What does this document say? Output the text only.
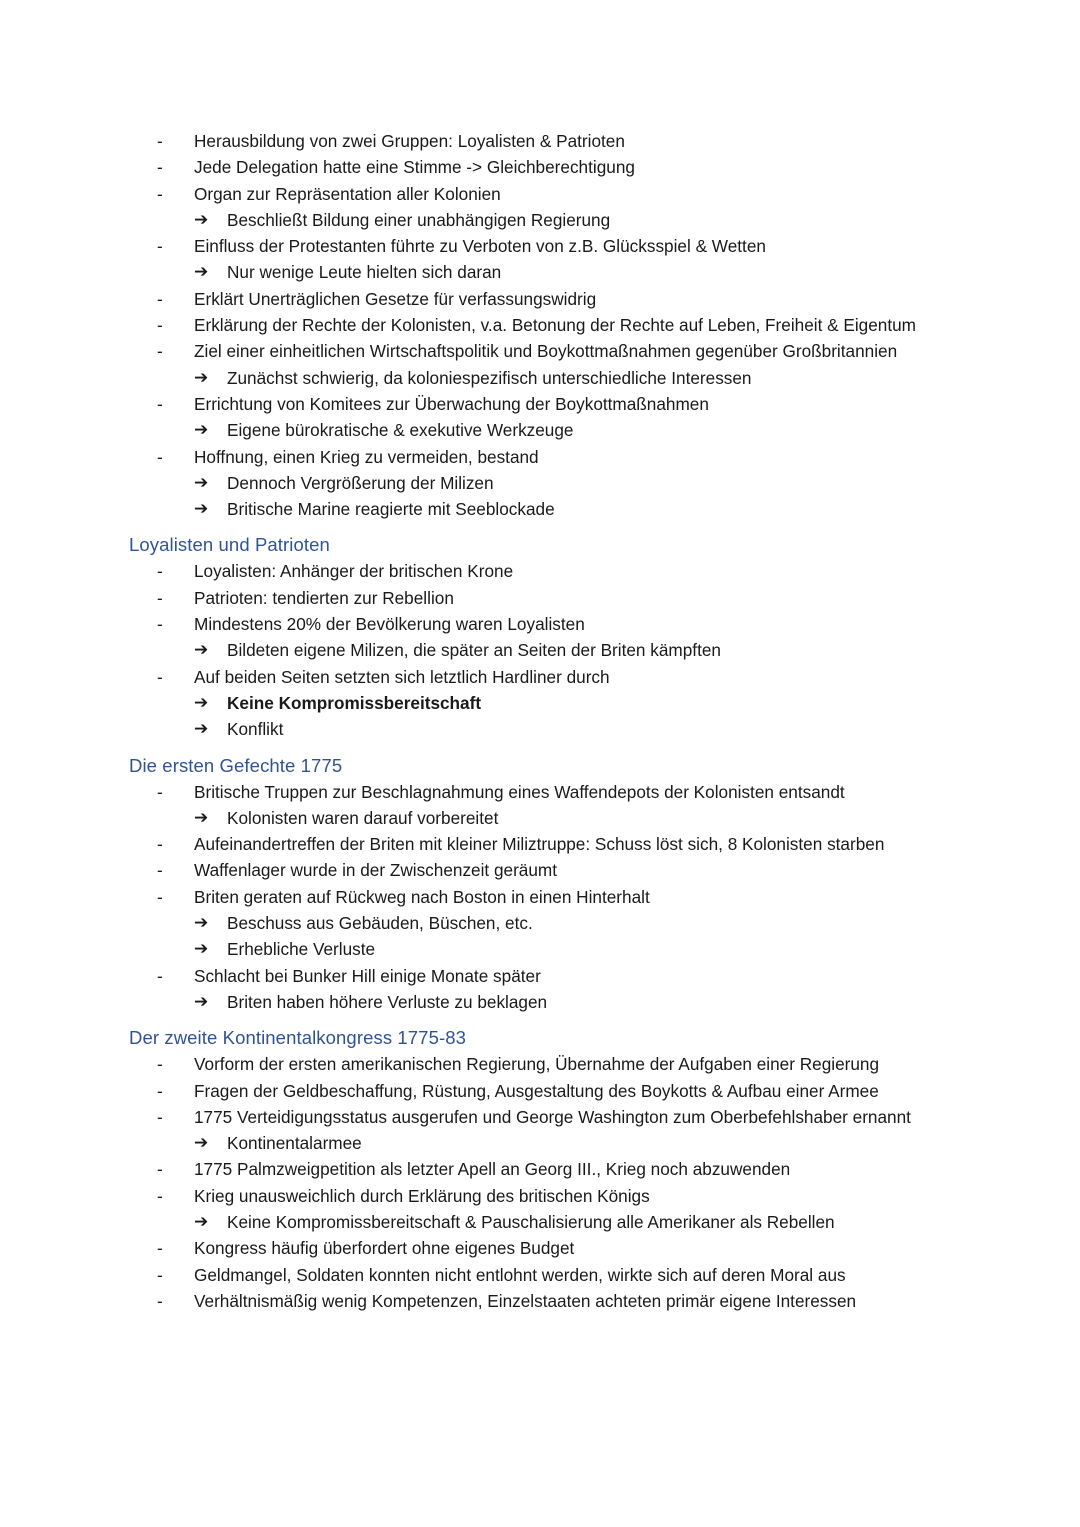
-	Herausbildung von zwei Gruppen: Loyalisten & Patrioten
-	Jede Delegation hatte eine Stimme -> Gleichberechtigung
-	Organ zur Repräsentation aller Kolonien
➔ Beschließt Bildung einer unabhängigen Regierung
-	Einfluss der Protestanten führte zu Verboten von z.B. Glücksspiel & Wetten
➔ Nur wenige Leute hielten sich daran
-	Erklärt Unerträglichen Gesetze für verfassungswidrig
-	Erklärung der Rechte der Kolonisten, v.a. Betonung der Rechte auf Leben, Freiheit & Eigentum
-	Ziel einer einheitlichen Wirtschaftspolitik und Boykottmaßnahmen gegenüber Großbritannien
➔ Zunächst schwierig, da koloniespezifisch unterschiedliche Interessen
-	Errichtung von Komitees zur Überwachung der Boykottmaßnahmen
➔ Eigene bürokratische & exekutive Werkzeuge
-	Hoffnung, einen Krieg zu vermeiden, bestand
➔ Dennoch Vergrößerung der Milizen
➔ Britische Marine reagierte mit Seeblockade
Loyalisten und Patrioten
-	Loyalisten: Anhänger der britischen Krone
-	Patrioten: tendierten zur Rebellion
-	Mindestens 20% der Bevölkerung waren Loyalisten
➔ Bildeten eigene Milizen, die später an Seiten der Briten kämpften
-	Auf beiden Seiten setzten sich letztlich Hardliner durch
➔ Keine Kompromissbereitschaft
➔ Konflikt
Die ersten Gefechte 1775
-	Britische Truppen zur Beschlagnahmung eines Waffendepots der Kolonisten entsandt
➔ Kolonisten waren darauf vorbereitet
-	Aufeinandertreffen der Briten mit kleiner Miliztruppe: Schuss löst sich, 8 Kolonisten starben
-	Waffenlager wurde in der Zwischenzeit geräumt
-	Briten geraten auf Rückweg nach Boston in einen Hinterhalt
➔ Beschuss aus Gebäuden, Büschen, etc.
➔ Erhebliche Verluste
-	Schlacht bei Bunker Hill einige Monate später
➔ Briten haben höhere Verluste zu beklagen
Der zweite Kontinentalkongress 1775-83
-	Vorform der ersten amerikanischen Regierung, Übernahme der Aufgaben einer Regierung
-	Fragen der Geldbeschaffung, Rüstung, Ausgestaltung des Boykotts & Aufbau einer Armee
-	1775 Verteidigungsstatus ausgerufen und George Washington zum Oberbefehlshaber ernannt
➔ Kontinentalarmee
-	1775 Palmzweigpetition als letzter Apell an Georg III., Krieg noch abzuwenden
-	Krieg unausweichlich durch Erklärung des britischen Königs
➔ Keine Kompromissbereitschaft & Pauschalisierung alle Amerikaner als Rebellen
-	Kongress häufig überfordert ohne eigenes Budget
-	Geldmangel, Soldaten konnten nicht entlohnt werden, wirkte sich auf deren Moral aus
-	Verhältnismäßig wenig Kompetenzen, Einzelstaaten achteten primär eigene Interessen
